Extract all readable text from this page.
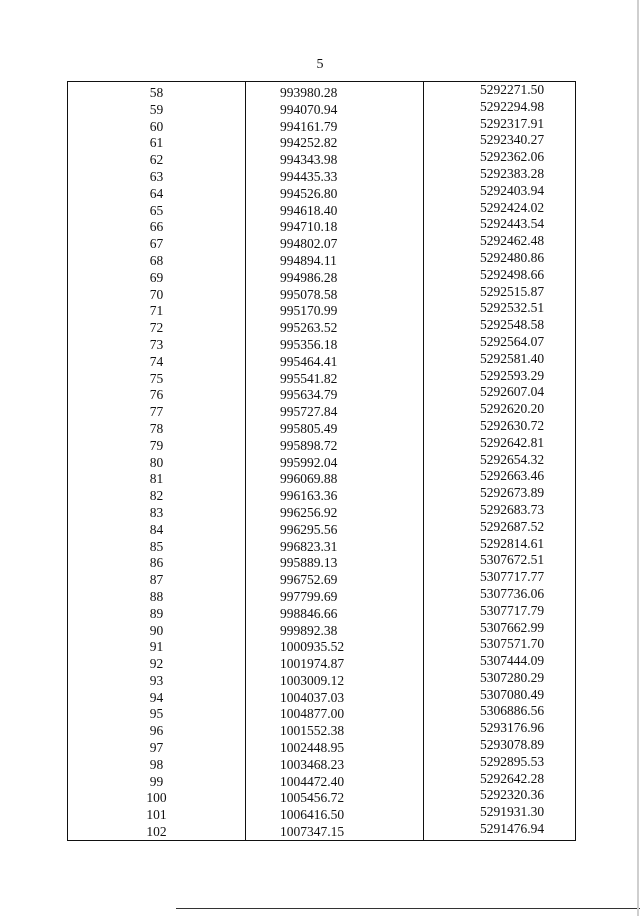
5
58	993980.28	5292271.50
59	994070.94	5292294.98
60	994161.79	5292317.91
61	994252.82	5292340.27
62	994343.98	5292362.06
63	994435.33	5292383.28
64	994526.80	5292403.94
65	994618.40	5292424.02
66	994710.18	5292443.54
67	994802.07	5292462.48
68	994894.11	5292480.86
69	994986.28	5292498.66
70	995078.58	5292515.87
71	995170.99	5292532.51
72	995263.52	5292548.58
73	995356.18	5292564.07
74	995464.41	5292581.40
75	995541.82	5292593.29
76	995634.79	5292607.04
77	995727.84	5292620.20
78	995805.49	5292630.72
79	995898.72	5292642.81
80	995992.04	5292654.32
81	996069.88	5292663.46
82	996163.36	5292673.89
83	996256.92	5292683.73
84	996295.56	5292687.52
85	996823.31	5292814.61
86	995889.13	5307672.51
87	996752.69	5307717.77
88	997799.69	5307736.06
89	998846.66	5307717.79
90	999892.38	5307662.99
91	1000935.52	5307571.70
92	1001974.87	5307444.09
93	1003009.12	5307280.29
94	1004037.03	5307080.49
95	1004877.00	5306886.56
96	1001552.38	5293176.96
97	1002448.95	5293078.89
98	1003468.23	5292895.53
99	1004472.40	5292642.28
100	1005456.72	5292320.36
101	1006416.50	5291931.30
102	1007347.15	5291476.94
